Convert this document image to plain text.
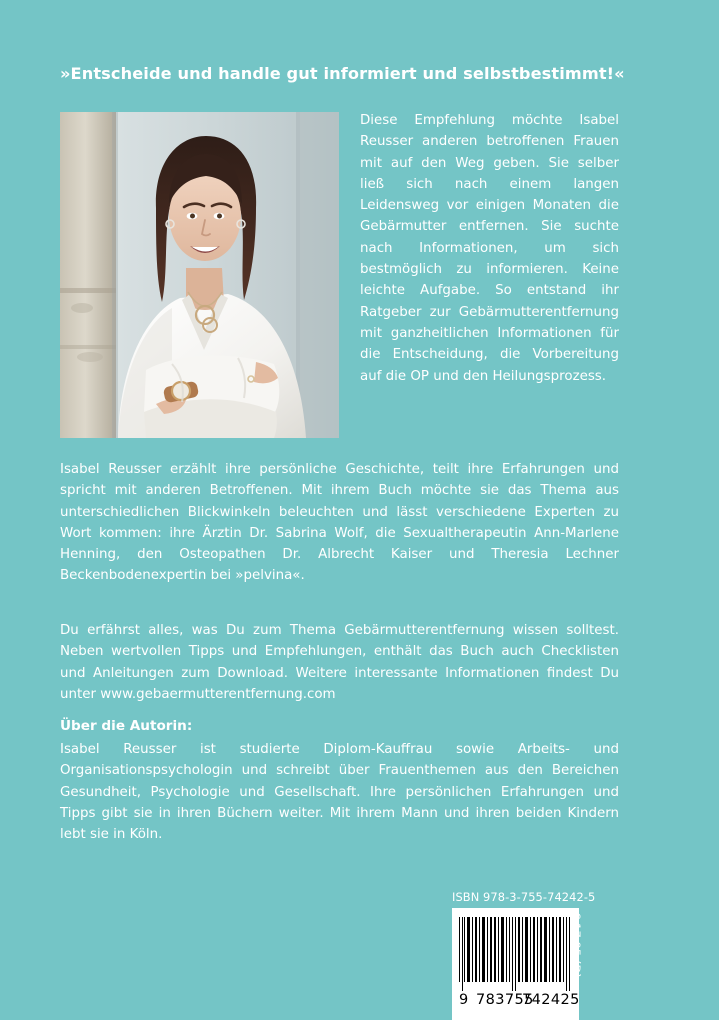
»Entscheide und handle gut informiert und selbstbestimmt!«
Diese Empfehlung möchte Isabel Reusser anderen betroffenen Frauen mit auf den Weg geben. Sie selber ließ sich nach einem langen Leidensweg vor einigen Monaten die Gebärmutter entfernen. Sie suchte nach Informationen, um sich bestmöglich zu informieren. Keine leichte Aufgabe. So entstand ihr Ratgeber zur Gebärmutterentfernung mit ganzheitlichen Informationen für die Entscheidung, die Vorbereitung auf die OP und den Heilungsprozess.
Isabel Reusser erzählt ihre persönliche Geschichte, teilt ihre Erfahrungen und spricht mit anderen Betroffenen. Mit ihrem Buch möchte sie das Thema aus unterschiedlichen Blickwinkeln beleuchten und lässt verschiedene Experten zu Wort kommen: ihre Ärztin Dr. Sabrina Wolf, die Sexualtherapeutin Ann-Marlene Henning, den Osteopathen Dr. Albrecht Kaiser und Theresia Lechner Beckenbodenexpertin bei »pelvina«.
Du erfährst alles, was Du zum Thema Gebärmutterentfernung wissen solltest. Neben wertvollen Tipps und Empfehlungen, enthält das Buch auch Checklisten und Anleitungen zum Download. Weitere interessante Informationen findest Du unter www.gebaermutterentfernung.com
Über die Autorin:
Isabel Reusser ist studierte Diplom-Kauffrau sowie Arbeits- und Organisationspsychologin und schreibt über Frauenthemen aus den Bereichen Gesundheit, Psychologie und Gesellschaft. Ihre persönlichen Erfahrungen und Tipps gibt sie in ihren Büchern weiter. Mit ihrem Mann und ihren beiden Kindern lebt sie in Köln.
ISBN 978-3-755-74242-5
9 783755
742425
€ 17,95 (D)
